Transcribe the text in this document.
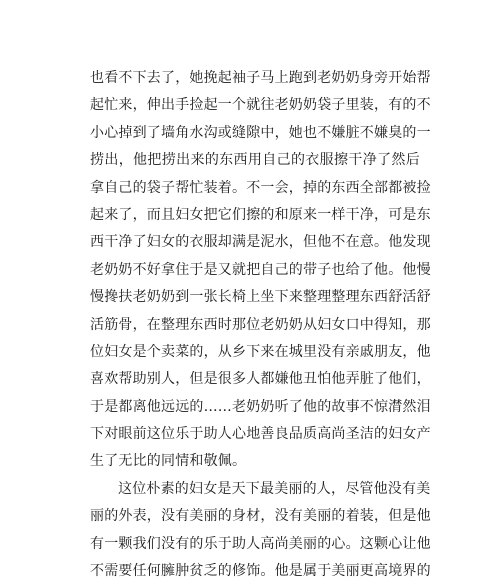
也看不下去了，她挽起袖子马上跑到老奶奶身旁开始帮
起忙来，伸出手捡起一个就往老奶奶袋子里装，有的不
小心掉到了墙角水沟或缝隙中，她也不嫌脏不嫌臭的一
捞出，他把捞出来的东西用自己的衣服擦干净了然后
拿自己的袋子帮忙装着。不一会，掉的东西全部都被捡
起来了，而且妇女把它们擦的和原来一样干净，可是东
西干净了妇女的衣服却满是泥水，但他不在意。他发现
老奶奶不好拿住于是又就把自己的带子也给了他。他慢
慢搀扶老奶奶到一张长椅上坐下来整理整理东西舒活舒
活筋骨，在整理东西时那位老奶奶从妇女口中得知，那
位妇女是个卖菜的，从乡下来在城里没有亲戚朋友，他
喜欢帮助别人，但是很多人都嫌他丑怕他弄脏了他们，
于是都离他远远的……老奶奶听了他的故事不惊潸然泪
下对眼前这位乐于助人心地善良品质高尚圣洁的妇女产
生了无比的同情和敬佩。
这位朴素的妇女是天下最美丽的人，尽管他没有美
丽的外表，没有美丽的身材，没有美丽的着装，但是他
有一颗我们没有的乐于助人高尚美丽的心。这颗心让他
不需要任何臃肿贫乏的修饰。他是属于美丽更高境界的
